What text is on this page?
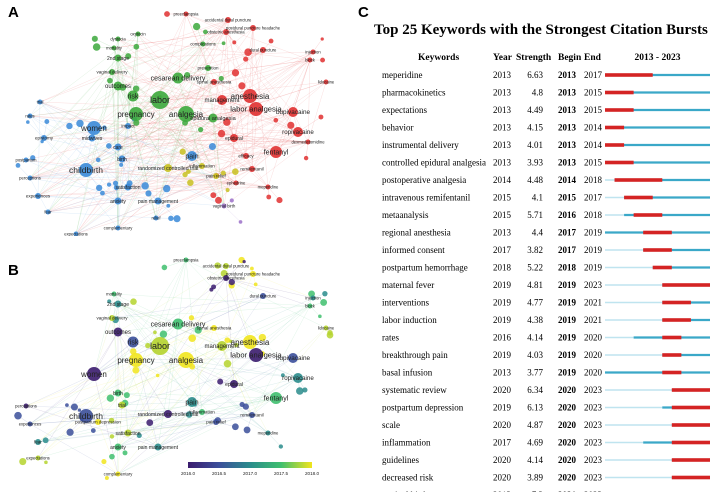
A
B
C
preeclampsia
accidental dural puncture
postdural puncture headache
obstetric anesthesia
dural puncture	injection
block
lidocaine
anesthesia
labor analgesia
bupivacaine
ropivacaine
fentanyl
management
spinal anesthesia
epidural
efficacy
remifentanil
meperidine
ephedrine
dexmedetomidine
cesarean delivery
labor
analgesia
outcomes
risk
dystocia
2nd stage
mortality
vaginal delivery
oxytocin
prevention
complications
epidural analgesia
pregnancy
women
childbirth
pain
impact
care
birth
trial
rates
epistomy	midwives
postpartum
perceptions
experiences
fear
anxiety
satisfaction
expectations
complementary
relief
pain management
randomized controlled trial
inflammation
pain relief
vaginal birth
preeclampsia
accidental dural puncture
postdural puncture headache
obstetric anesthesia
dural puncture	injection
block
lidocaine
anesthesia
labor analgesia
bupivacaine
ropivacaine
fentanyl
management
spinal anesthesia
epidural
remifentanil
meperidine
cesarean delivery
labor
analgesia
outcomes
risk
2nd stage
mortality
vaginal delivery
pregnancy
women
childbirth
pain
birth
trial
postpartum depression
perceptions
experiences
fear
anxiety
satisfaction
complementary
randomized controlled trial
pain relief
pain management
inflammation
expectations
2016.0	2016.5	2017.0	2017.5	2018.0
Top 25 Keywords with the Strongest Citation Bursts
Keywords	Year Strength Begin End	2013 - 2023
meperidine	2013 6.63 2013 2017
pharmacokinetics	2013 4.8 2013 2015
expectations	2013 4.49 2013 2015
behavior	2013 4.15 2013 2014
instrumental delivery	2013 4.01 2013 2014
controlled epidural analgesia 2013 3.93 2013 2015
postoperative analgesia	2014 4.48 2014 2018
intravenous remifentanil	2015 4.1 2015 2017
metaanalysis	2015 5.71 2016 2018
regional anesthesia	2013 4.4 2017 2019
informed consent	2017 3.82 2017 2019
postpartum hemorrhage	2018 5.22 2018 2019
maternal fever	2019 4.81 2019 2023
interventions	2019 4.77 2019 2021
labor induction	2019 4.38 2019 2021
rates	2016 4.14 2019 2020
breakthrough pain	2019 4.03 2019 2020
basal infusion	2013 3.77 2019 2020
systematic review	2020 6.34 2020 2023
postpartum depression	2019 6.13 2020 2023
scale	2020 4.87 2020 2023
inflammation	2017 4.69 2020 2023
guidelines	2020 4.14 2020 2023
decreased risk	2020 3.89 2020 2023
